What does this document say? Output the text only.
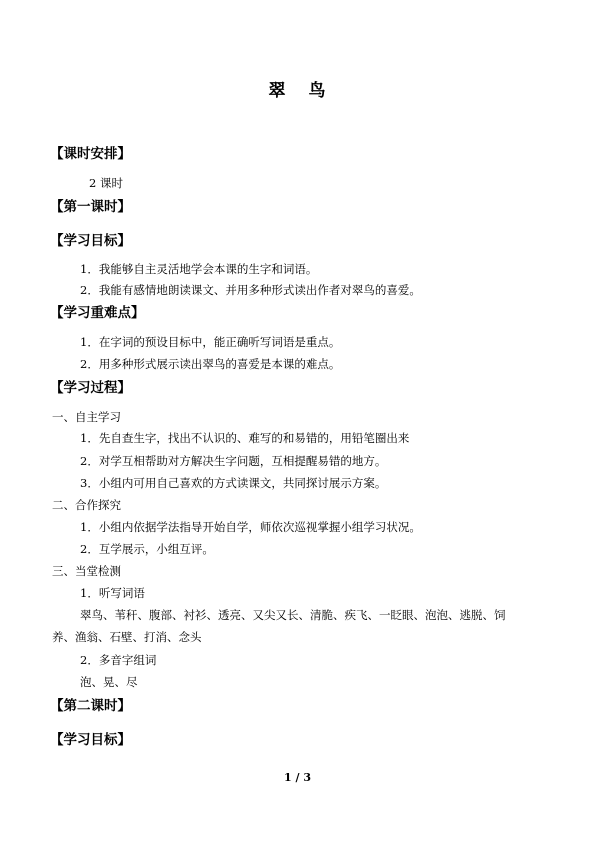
翠 鸟
【课时安排】
2 课时
【第一课时】
【学习目标】
1．我能够自主灵活地学会本课的生字和词语。
2．我能有感情地朗读课文、并用多种形式读出作者对翠鸟的喜爱。
【学习重难点】
1．在字词的预设目标中，能正确听写词语是重点。
2．用多种形式展示读出翠鸟的喜爱是本课的难点。
【学习过程】
一、自主学习
1．先自查生字，找出不认识的、难写的和易错的，用铅笔圈出来
2．对学互相帮助对方解决生字问题，互相提醒易错的地方。
3．小组内可用自己喜欢的方式读课文，共同探讨展示方案。
二、合作探究
1．小组内依据学法指导开始自学，师依次巡视掌握小组学习状况。
2．互学展示，小组互评。
三、当堂检测
1．听写词语
翠鸟、苇秆、腹部、衬衫、透亮、又尖又长、清脆、疾飞、一眨眼、泡泡、逃脱、饲
养、渔翁、石壁、打消、念头
2．多音字组词
泡、晃、尽
【第二课时】
【学习目标】
1 / 3
